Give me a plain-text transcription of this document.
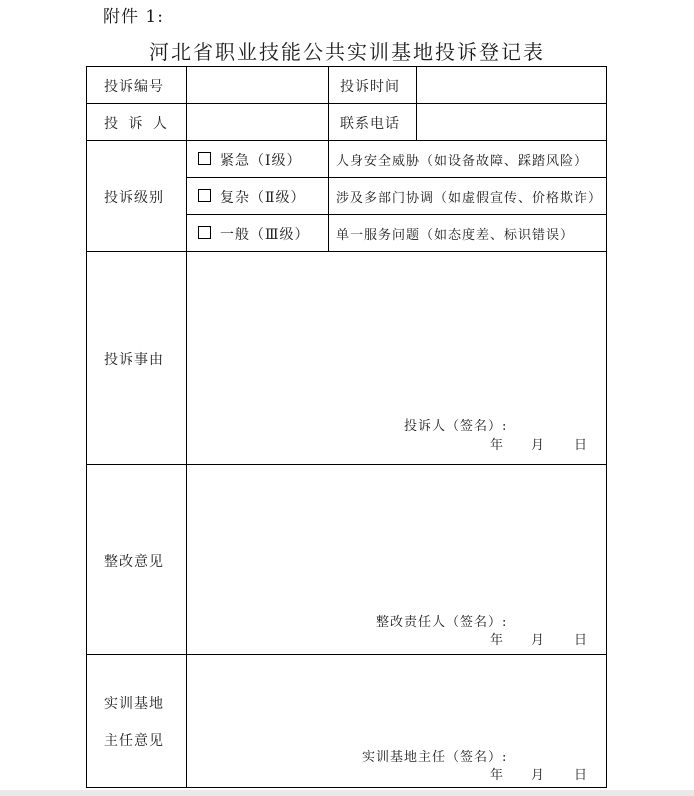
附件 1:
河北省职业技能公共实训基地投诉登记表
投诉编号	投诉时间
投 诉 人	联系电话
投诉级别
紧急（Ⅰ级）	人身安全威胁（如设备故障、踩踏风险）
复杂（Ⅱ级） 涉及多部门协调（如虚假宣传、价格欺诈）
一般（Ⅲ级） 单一服务问题（如态度差、标识错误）
投诉事由
投诉人（签名）:
年 月 日
整改意见
整改责任人（签名）:
年 月 日
实训基地
主任意见
实训基地主任（签名）:
年 月 日
